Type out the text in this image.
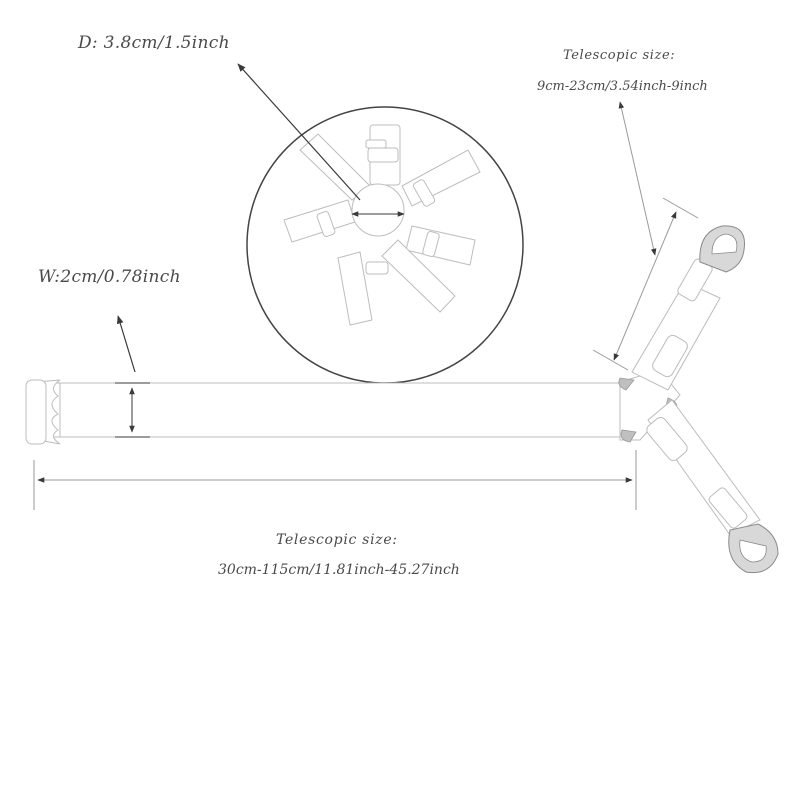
D: 3.8cm/1.5inch
W:2cm/0.78inch
Telescopic size:
9cm-23cm/3.54inch-9inch
Telescopic size:
30cm-115cm/11.81inch-45.27inch
